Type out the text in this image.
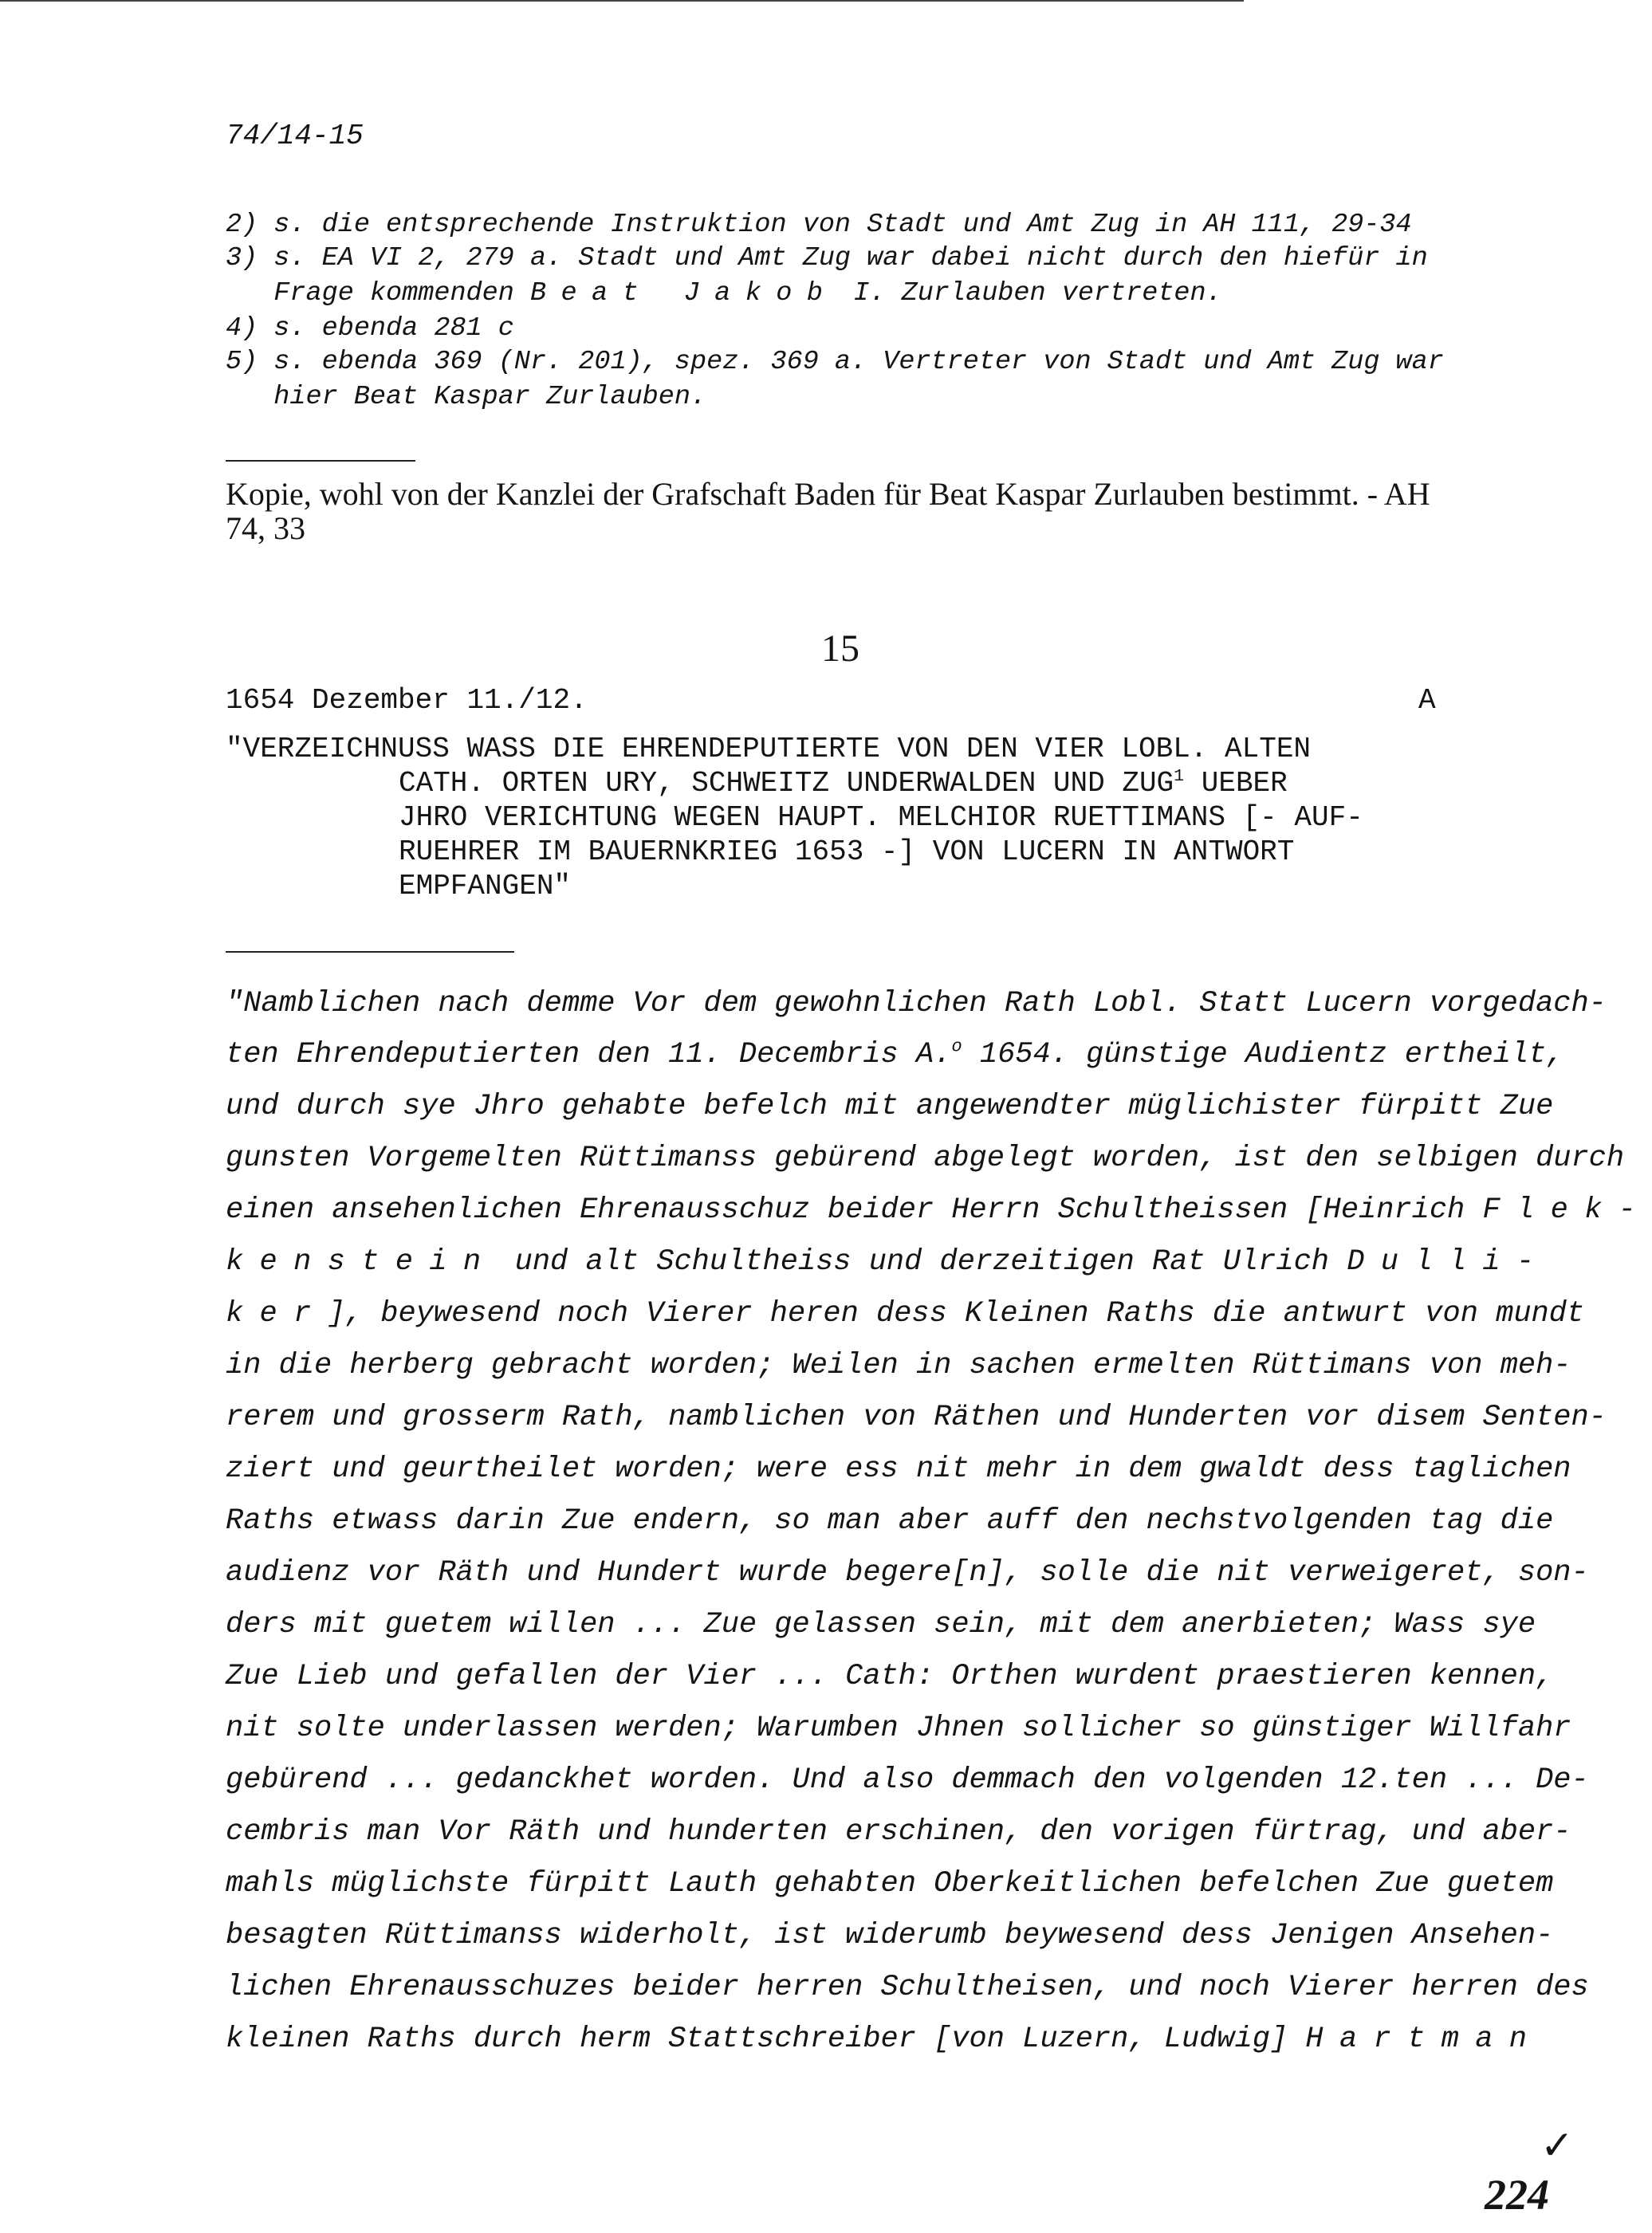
74/14-15
2) s. die entsprechende Instruktion von Stadt und Amt Zug in AH 111, 29-34
3) s. EA VI 2, 279 a. Stadt und Amt Zug war dabei nicht durch den hiefür in
Frage kommenden Beat Jakob I. Zurlauben vertreten.
4) s. ebenda 281 c
5) s. ebenda 369 (Nr. 201), spez. 369 a. Vertreter von Stadt und Amt Zug war
hier Beat Kaspar Zurlauben.
Kopie, wohl von der Kanzlei der Grafschaft Baden für Beat Kaspar Zurlauben bestimmt. - AH 74, 33
15
1654 Dezember 11./12.	A
"VERZEICHNUSS WASS DIE EHRENDEPUTIERTE VON DEN VIER LOBL. ALTEN
CATH. ORTEN URY, SCHWEITZ UNDERWALDEN UND ZUG$^1$ UEBER
JHRO VERICHTUNG WEGEN HAUPT. MELCHIOR RUETTIMANS [- AUF-
RUEHRER IM BAUERNKRIEG 1653 -] VON LUCERN IN ANTWORT
EMPFANGEN"
"Namblichen nach demme Vor dem gewohnlichen Rath Lobl. Statt Lucern vorgedach-
ten Ehrendeputierten den 11. Decembris A.$^o$ 1654. günstige Audientz ertheilt,
und durch sye Jhro gehabte befelch mit angewendter müglichister fürpitt Zue
gunsten Vorgemelten Rüttimanss gebürend abgelegt worden, ist den selbigen durch
einen ansehenlichen Ehrenausschuz beider Herrn Schultheissen [Heinrich Flek-
kenstein und alt Schultheiss und derzeitigen Rat Ulrich Dulli-
ker], beywesend noch Vierer heren dess Kleinen Raths die antwurt von mundt
in die herberg gebracht worden; Weilen in sachen ermelten Rüttimans von meh-
rerem und grosserm Rath, namblichen von Räthen und Hunderten vor disem Senten-
ziert und geurtheilet worden; were ess nit mehr in dem gwaldt dess taglichen
Raths etwass darin Zue endern, so man aber auff den nechstvolgenden tag die
audienz vor Räth und Hundert wurde begere[n], solle die nit verweigeret, son-
ders mit guetem willen ... Zue gelassen sein, mit dem anerbieten; Wass sye
Zue Lieb und gefallen der Vier ... Cath: Orthen wurdent praestieren kennen,
nit solte underlassen werden; Warumben Jhnen sollicher so günstiger Willfahr
gebürend ... gedanckhet worden. Und also demmach den volgenden 12.ten ... De-
cembris man Vor Räth und hunderten erschinen, den vorigen fürtrag, und aber-
mahls müglichste fürpitt Lauth gehabten Oberkeitlichen befelchen Zue guetem
besagten Rüttimanss widerholt, ist widerumb beywesend dess Jenigen Ansehen-
lichen Ehrenausschuzes beider herren Schultheisen, und noch Vierer herren des
kleinen Raths durch herm Stattschreiber [von Luzern, Ludwig] Hartman
✓
224
